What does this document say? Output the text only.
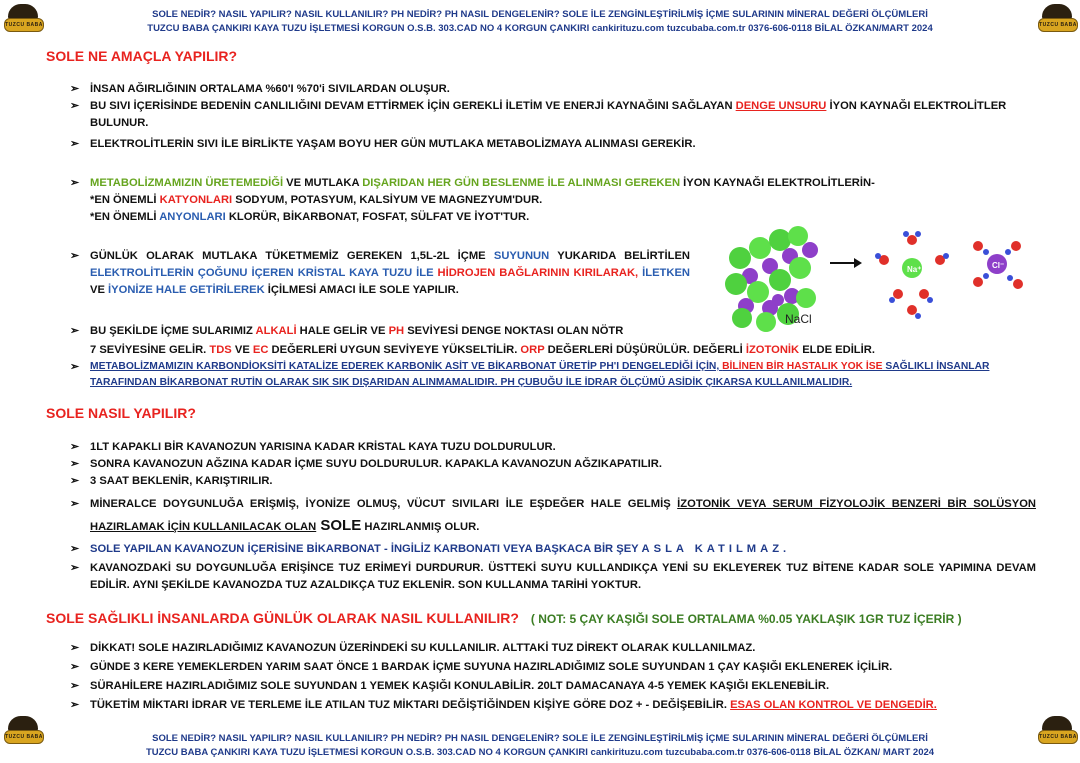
TUZCU BABA	TUZCU BABA
TUZCU BABA	TUZCU BABA
SOLE NEDİR? NASIL YAPILIR? NASIL KULLANILIR? PH NEDİR? PH NASIL DENGELENİR? SOLE İLE ZENGİNLEŞTİRİLMİŞ İÇME SULARININ MİNERAL DEĞERİ ÖLÇÜMLERİ
TUZCU BABA ÇANKIRI KAYA TUZU İŞLETMESİ KORGUN O.S.B. 303.CAD NO 4 KORGUN ÇANKIRI cankirituzu.com tuzcubaba.com.tr 0376-606-0118 BİLAL ÖZKAN/MART 2024
SOLE NE AMAÇLA YAPILIR?
➢ İNSAN AĞIRLIĞININ ORTALAMA %60'I %70'i SIVILARDAN OLUŞUR.
➢ BU SIVI İÇERİSİNDE BEDENİN CANLILIĞINI DEVAM ETTİRMEK İÇİN GEREKLİ İLETİM VE ENERJİ KAYNAĞINI SAĞLAYAN DENGE UNSURU İYON KAYNAĞI ELEKTROLİTLER BULUNUR.
➢ ELEKTROLİTLERİN SIVI İLE BİRLİKTE YAŞAM BOYU HER GÜN MUTLAKA METABOLİZMAYA ALINMASI GEREKİR.
➢ METABOLİZMAMIZIN ÜRETEMEDİĞİ VE MUTLAKA DIŞARIDAN HER GÜN BESLENME İLE ALINMASI GEREKEN İYON KAYNAĞI ELEKTROLİTLERİN-
*EN ÖNEMLİ KATYONLARI SODYUM, POTASYUM, KALSİYUM VE MAGNEZYUM'DUR.
*EN ÖNEMLİ ANYONLARI KLORÜR, BİKARBONAT, FOSFAT, SÜLFAT VE İYOT'TUR.
➢ GÜNLÜK OLARAK MUTLAKA TÜKETMEMİZ GEREKEN 1,5L-2L İÇME SUYUNUN YUKARIDA BELİRTİLEN ELEKTROLİTLERİN ÇOĞUNU İÇEREN KRİSTAL KAYA TUZU İLE HİDROJEN BAĞLARININ KIRILARAK, İLETKEN VE İYONİZE HALE GETİRİLEREK İÇİLMESİ AMACI İLE SOLE YAPILIR.
➢ BU ŞEKİLDE İÇME SULARIMIZ ALKALİ HALE GELİR VE PH SEVİYESİ DENGE NOKTASI OLAN NÖTR
7 SEVİYESİNE GELİR. TDS VE EC DEĞERLERİ UYGUN SEVİYEYE YÜKSELTİLİR. ORP DEĞERLERİ DÜŞÜRÜLÜR. DEĞERLİ İZOTONİK ELDE EDİLİR.
➢ METABOLİZMAMIZIN KARBONDİOKSİTİ KATALİZE EDEREK KARBONİK ASİT VE BİKARBONAT ÜRETİP PH'I DENGELEDİĞİ İÇİN, BİLİNEN BİR HASTALIK YOK İSE SAĞLIKLI İNSANLAR TARAFINDAN BİKARBONAT RUTİN OLARAK SIK SIK DIŞARIDAN ALINMAMALIDIR. PH ÇUBUĞU İLE İDRAR ÖLÇÜMÜ ASİDİK ÇIKARSA KULLANILMALIDIR.
Na⁺	Cl⁻
NaCl
SOLE NASIL YAPILIR?
➢ 1LT KAPAKLI BİR KAVANOZUN YARISINA KADAR KRİSTAL KAYA TUZU DOLDURULUR.
➢ SONRA KAVANOZUN AĞZINA KADAR İÇME SUYU DOLDURULUR. KAPAKLA KAVANOZUN AĞZIKAPATILIR.
➢ 3 SAAT BEKLENİR, KARIŞTIRILIR.
➢ MİNERALCE DOYGUNLUĞA ERİŞMİŞ, İYONİZE OLMUŞ, VÜCUT SIVILARI İLE EŞDEĞER HALE GELMİŞ İZOTONİK VEYA SERUM FİZYOLOJİK BENZERİ BİR SOLÜSYON HAZIRLAMAK İÇİN KULLANILACAK OLAN SOLE HAZIRLANMIŞ OLUR.
➢ SOLE YAPILAN KAVANOZUN İÇERİSİNE BİKARBONAT - İNGİLİZ KARBONATI VEYA BAŞKACA BİR ŞEY ASLA KATILMAZ.
➢ KAVANOZDAKİ SU DOYGUNLUĞA ERİŞİNCE TUZ ERİMEYİ DURDURUR. ÜSTTEKİ SUYU KULLANDIKÇA YENİ SU EKLEYEREK TUZ BİTENE KADAR SOLE YAPIMINA DEVAM EDİLİR. AYNI ŞEKİLDE KAVANOZDA TUZ AZALDIKÇA TUZ EKLENİR. SON KULLANMA TARİHİ YOKTUR.
SOLE SAĞLIKLI İNSANLARDA GÜNLÜK OLARAK NASIL KULLANILIR? ( NOT: 5 ÇAY KAŞIĞI SOLE ORTALAMA %0.05 YAKLAŞIK 1GR TUZ İÇERİR )
➢ DİKKAT! SOLE HAZIRLADIĞIMIZ KAVANOZUN ÜZERİNDEKİ SU KULLANILIR. ALTTAKİ TUZ DİREKT OLARAK KULLANILMAZ.
➢ GÜNDE 3 KERE YEMEKLERDEN YARIM SAAT ÖNCE 1 BARDAK İÇME SUYUNA HAZIRLADIĞIMIZ SOLE SUYUNDAN 1 ÇAY KAŞIĞI EKLENEREK İÇİLİR.
➢ SÜRAHİLERE HAZIRLADIĞIMIZ SOLE SUYUNDAN 1 YEMEK KAŞIĞI KONULABİLİR. 20LT DAMACANAYA 4-5 YEMEK KAŞIĞI EKLENEBİLİR.
➢ TÜKETİM MİKTARI İDRAR VE TERLEME İLE ATILAN TUZ MİKTARI DEĞİŞTİĞİNDEN KİŞİYE GÖRE DOZ + - DEĞİŞEBİLİR. ESAS OLAN KONTROL VE DENGEDİR.
SOLE NEDİR? NASIL YAPILIR? NASIL KULLANILIR? PH NEDİR? PH NASIL DENGELENİR? SOLE İLE ZENGİNLEŞTİRİLMİŞ İÇME SULARININ MİNERAL DEĞERİ ÖLÇÜMLERİ
TUZCU BABA ÇANKIRI KAYA TUZU İŞLETMESİ KORGUN O.S.B. 303.CAD NO 4 KORGUN ÇANKIRI cankirituzu.com tuzcubaba.com.tr 0376-606-0118 BİLAL ÖZKAN/ MART 2024
